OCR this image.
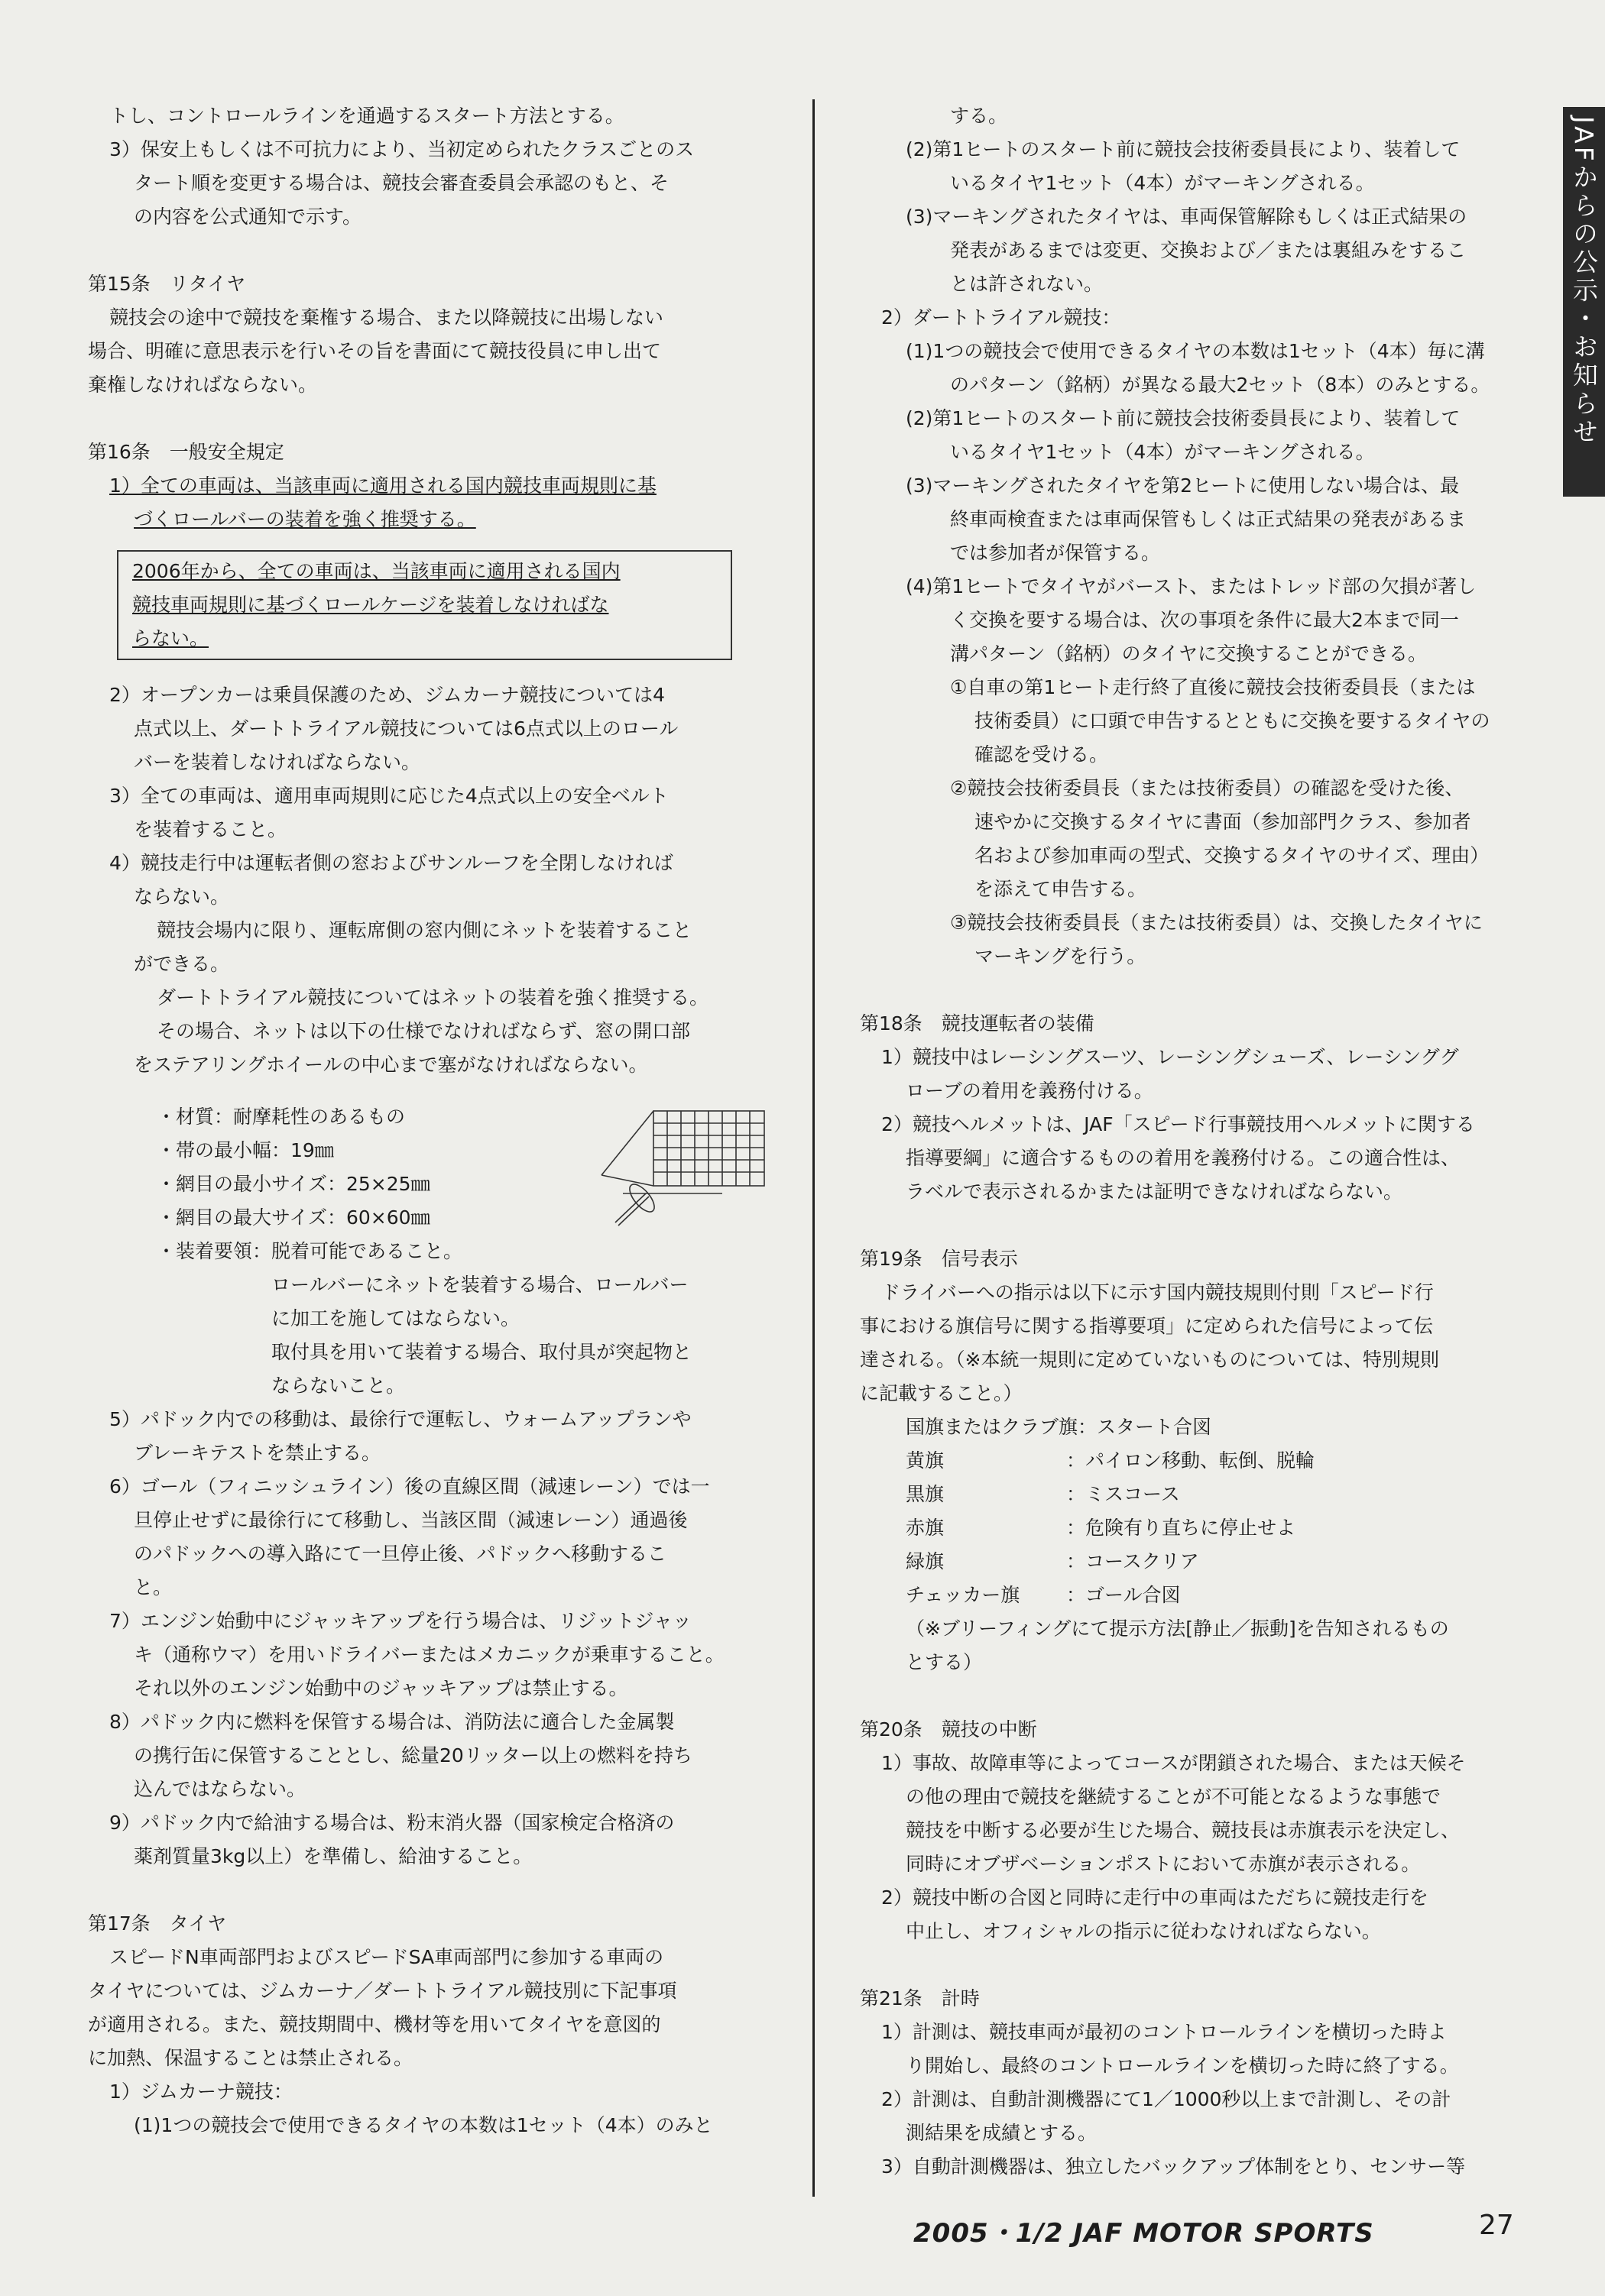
JAFからの公示・お知らせ

トし、コントロールラインを通過するスタート方法とする。

3）保安上もしくは不可抗力により、当初定められたクラスごとのス

タート順を変更する場合は、競技会審査委員会承認のもと、そ

の内容を公式通知で示す。

第15条　リタイヤ

競技会の途中で競技を棄権する場合、また以降競技に出場しない

場合、明確に意思表示を行いその旨を書面にて競技役員に申し出て

棄権しなければならない。

第16条　一般安全規定

1）全ての車両は、当該車両に適用される国内競技車両規則に基

づくロールバーの装着を強く推奨する。

2006年から、全ての車両は、当該車両に適用される国内

競技車両規則に基づくロールケージを装着しなければな

らない。

2）オープンカーは乗員保護のため、ジムカーナ競技については4

点式以上、ダートトライアル競技については6点式以上のロール

バーを装着しなければならない。

3）全ての車両は、適用車両規則に応じた4点式以上の安全ベルト

を装着すること。

4）競技走行中は運転者側の窓およびサンルーフを全閉しなければ

ならない。

競技会場内に限り、運転席側の窓内側にネットを装着すること

ができる。

ダートトライアル競技についてはネットの装着を強く推奨する。

その場合、ネットは以下の仕様でなければならず、窓の開口部

をステアリングホイールの中心まで塞がなければならない。

・材質：耐摩耗性のあるもの

・帯の最小幅：19㎜

・網目の最小サイズ：25×25㎜

・網目の最大サイズ：60×60㎜

・装着要領：脱着可能であること。

ロールバーにネットを装着する場合、ロールバー

に加工を施してはならない。

取付具を用いて装着する場合、取付具が突起物と

ならないこと。

5）パドック内での移動は、最徐行で運転し、ウォームアップランや

ブレーキテストを禁止する。

6）ゴール（フィニッシュライン）後の直線区間（減速レーン）では一

旦停止せずに最徐行にて移動し、当該区間（減速レーン）通過後

のパドックへの導入路にて一旦停止後、パドックへ移動するこ

と。

7）エンジン始動中にジャッキアップを行う場合は、リジットジャッ

キ（通称ウマ）を用いドライバーまたはメカニックが乗車すること。

それ以外のエンジン始動中のジャッキアップは禁止する。

8）パドック内に燃料を保管する場合は、消防法に適合した金属製

の携行缶に保管することとし、総量20リッター以上の燃料を持ち

込んではならない。

9）パドック内で給油する場合は、粉末消火器（国家検定合格済の

薬剤質量3kg以上）を準備し、給油すること。

第17条　タイヤ

スピードN車両部門およびスピードSA車両部門に参加する車両の

タイヤについては、ジムカーナ／ダートトライアル競技別に下記事項

が適用される。また、競技期間中、機材等を用いてタイヤを意図的

に加熱、保温することは禁止される。

1）ジムカーナ競技：

(1)1つの競技会で使用できるタイヤの本数は1セット（4本）のみと

する。

(2)第1ヒートのスタート前に競技会技術委員長により、装着して

いるタイヤ1セット（4本）がマーキングされる。

(3)マーキングされたタイヤは、車両保管解除もしくは正式結果の

発表があるまでは変更、交換および／または裏組みをするこ

とは許されない。

2）ダートトライアル競技：

(1)1つの競技会で使用できるタイヤの本数は1セット（4本）毎に溝

のパターン（銘柄）が異なる最大2セット（8本）のみとする。

(2)第1ヒートのスタート前に競技会技術委員長により、装着して

いるタイヤ1セット（4本）がマーキングされる。

(3)マーキングされたタイヤを第2ヒートに使用しない場合は、最

終車両検査または車両保管もしくは正式結果の発表があるま

では参加者が保管する。

(4)第1ヒートでタイヤがバースト、またはトレッド部の欠損が著し

く交換を要する場合は、次の事項を条件に最大2本まで同一

溝パターン（銘柄）のタイヤに交換することができる。

①自車の第1ヒート走行終了直後に競技会技術委員長（または

技術委員）に口頭で申告するとともに交換を要するタイヤの

確認を受ける。

②競技会技術委員長（または技術委員）の確認を受けた後、

速やかに交換するタイヤに書面（参加部門クラス、参加者

名および参加車両の型式、交換するタイヤのサイズ、理由）

を添えて申告する。

③競技会技術委員長（または技術委員）は、交換したタイヤに

マーキングを行う。

第18条　競技運転者の装備

1）競技中はレーシングスーツ、レーシングシューズ、レーシンググ

ローブの着用を義務付ける。

2）競技ヘルメットは、JAF「スピード行事競技用ヘルメットに関する

指導要綱」に適合するものの着用を義務付ける。この適合性は、

ラベルで表示されるかまたは証明できなければならない。

第19条　信号表示

ドライバーへの指示は以下に示す国内競技規則付則「スピード行

事における旗信号に関する指導要項」に定められた信号によって伝

達される。（※本統一規則に定めていないものについては、特別規則

に記載すること。）

国旗またはクラブ旗 ：スタート合図
黄旗	：パイロン移動、転倒、脱輪
黒旗	：ミスコース
赤旗	：危険有り直ちに停止せよ
緑旗	：コースクリア
チェッカー旗	：ゴール合図

（※ブリーフィングにて提示方法[静止／振動]を告知されるもの

とする）

第20条　競技の中断

1）事故、故障車等によってコースが閉鎖された場合、または天候そ

の他の理由で競技を継続することが不可能となるような事態で

競技を中断する必要が生じた場合、競技長は赤旗表示を決定し、

同時にオブザベーションポストにおいて赤旗が表示される。

2）競技中断の合図と同時に走行中の車両はただちに競技走行を

中止し、オフィシャルの指示に従わなければならない。

第21条　計時

1）計測は、競技車両が最初のコントロールラインを横切った時よ

り開始し、最終のコントロールラインを横切った時に終了する。

2）計測は、自動計測機器にて1／1000秒以上まで計測し、その計

測結果を成績とする。

3）自動計測機器は、独立したバックアップ体制をとり、センサー等

2005・1/2 JAF MOTOR SPORTS	27
